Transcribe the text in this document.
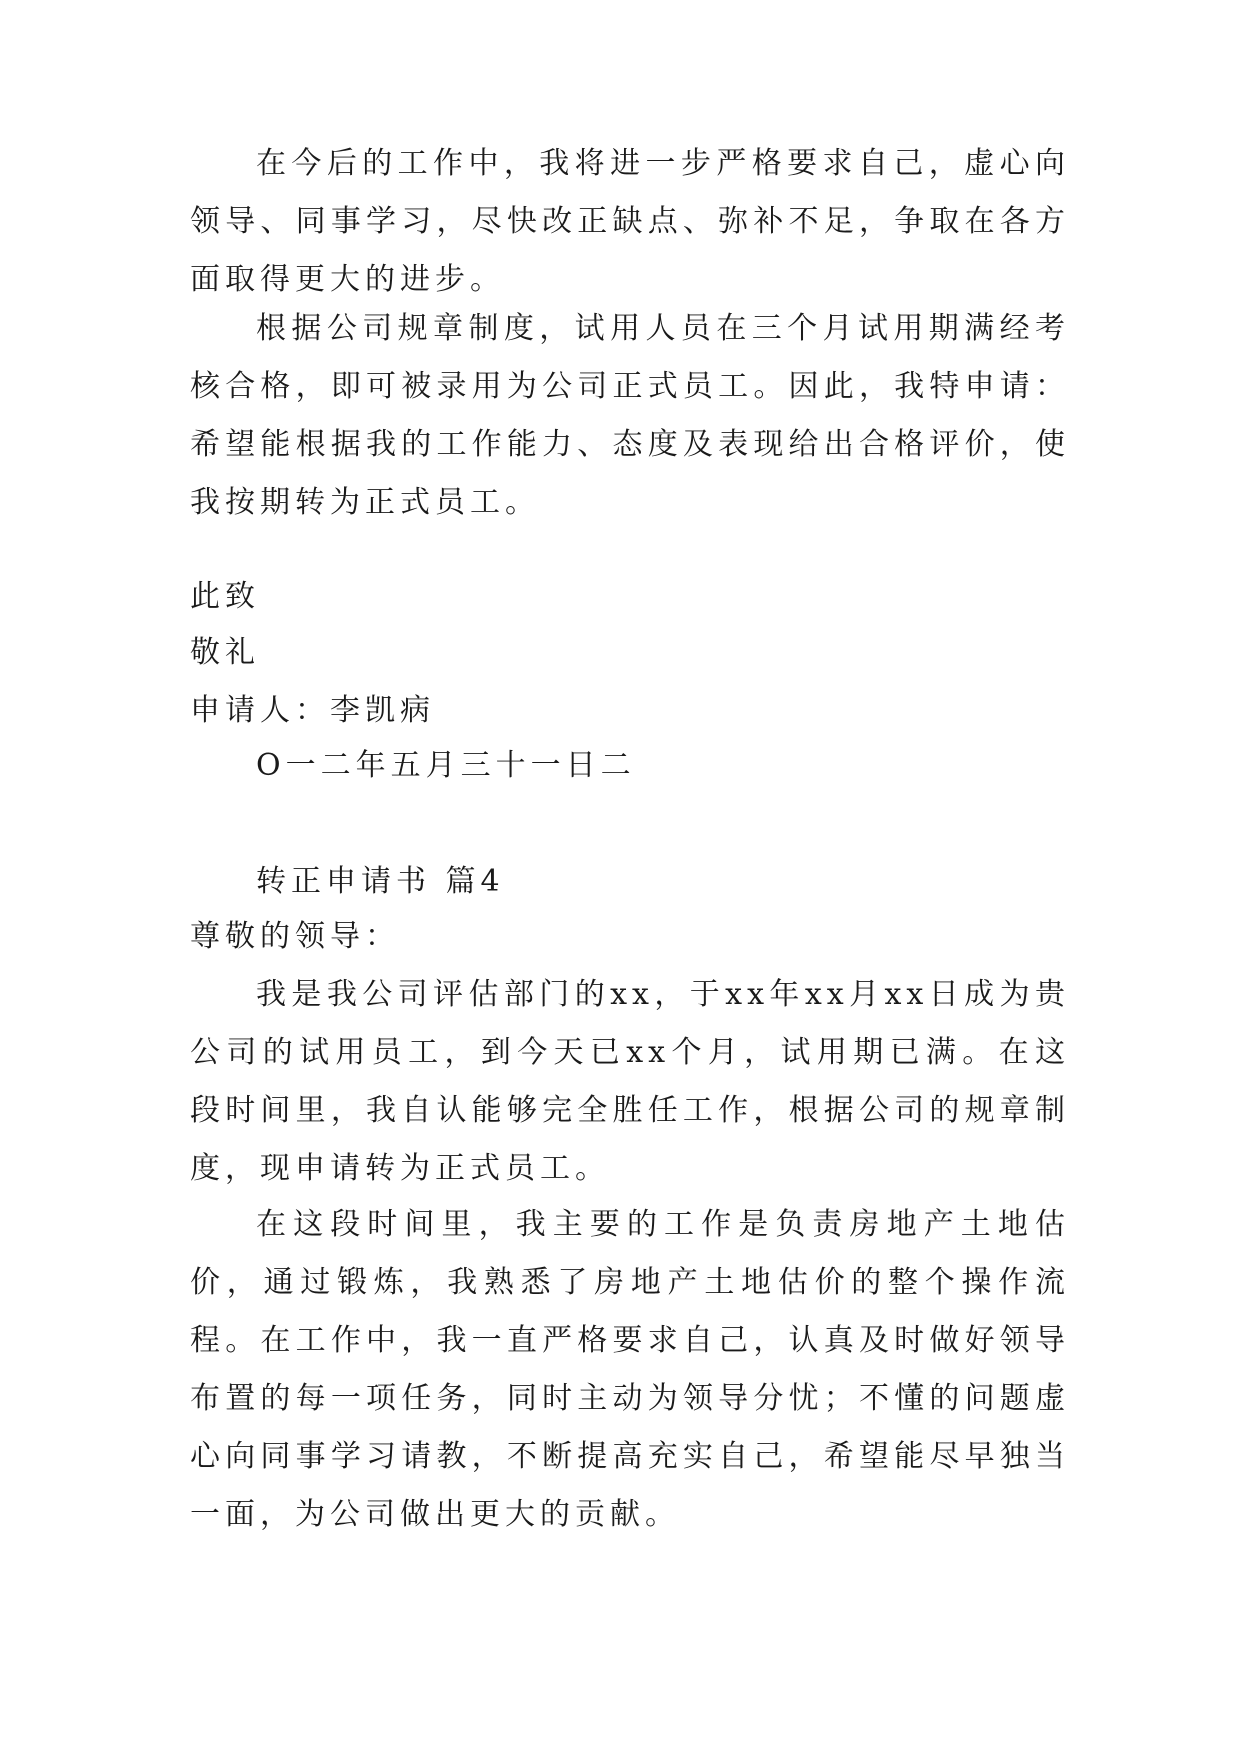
在今后的工作中，我将进一步严格要求自己，虚心向领导、同事学习，尽快改正缺点、弥补不足，争取在各方面取得更大的进步。

根据公司规章制度，试用人员在三个月试用期满经考核合格，即可被录用为公司正式员工。因此，我特申请：希望能根据我的工作能力、态度及表现给出合格评价，使我按期转为正式员工。

此致
敬礼
申请人：李凯病
O一二年五月三十一日二
转正申请书 篇4
尊敬的领导：

我是我公司评估部门的xx，于xx年xx月xx日成为贵公司的试用员工，到今天已xx个月，试用期已满。在这段时间里，我自认能够完全胜任工作，根据公司的规章制度，现申请转为正式员工。

在这段时间里，我主要的工作是负责房地产土地估价，通过锻炼，我熟悉了房地产土地估价的整个操作流程。在工作中，我一直严格要求自己，认真及时做好领导布置的每一项任务，同时主动为领导分忧；不懂的问题虚心向同事学习请教，不断提高充实自己，希望能尽早独当一面，为公司做出更大的贡献。
